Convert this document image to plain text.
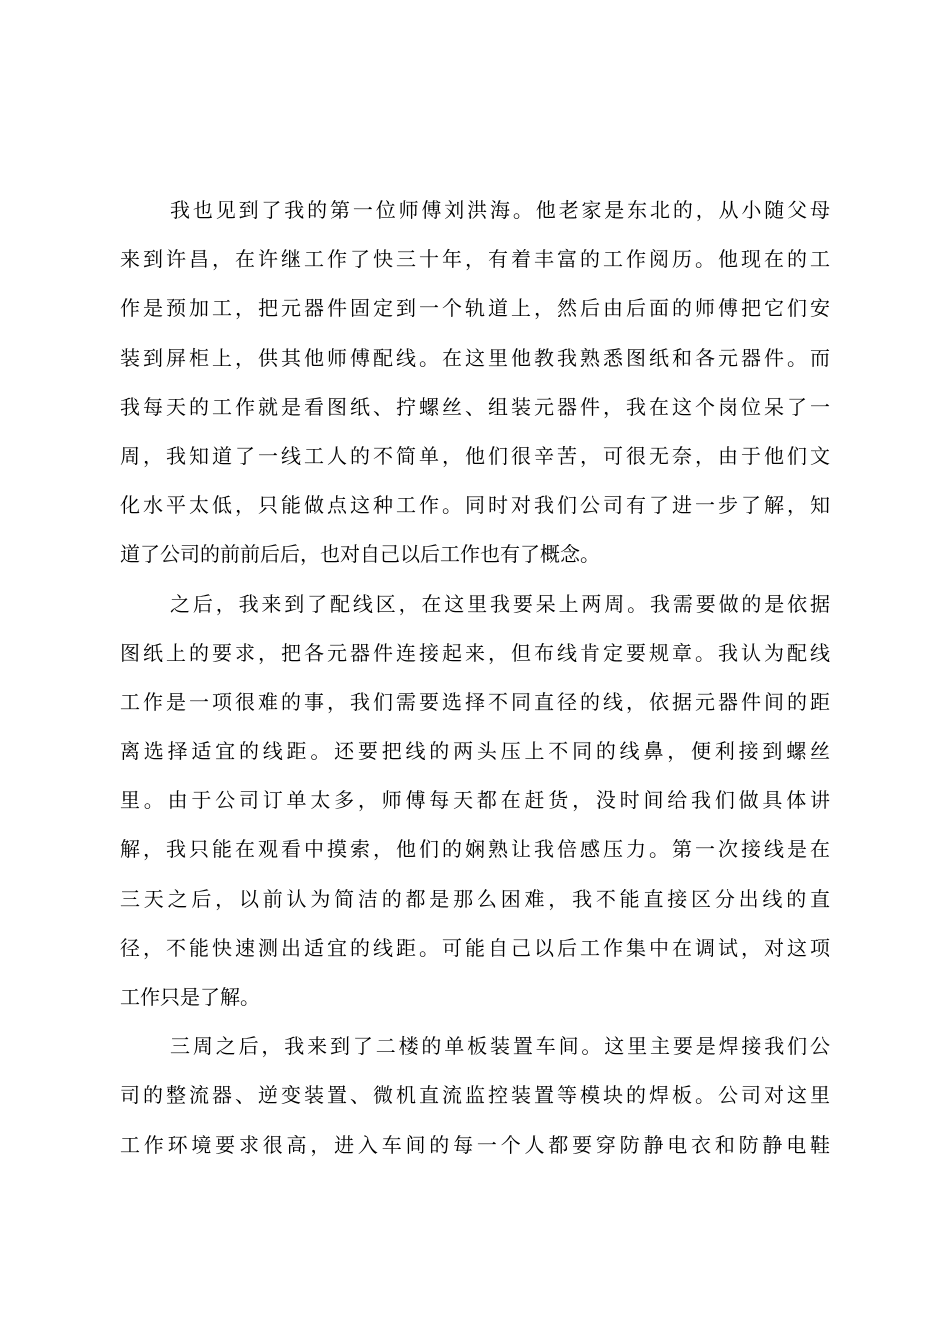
我也见到了我的第一位师傅刘洪海。他老家是东北的，从小随父母
来到许昌，在许继工作了快三十年，有着丰富的工作阅历。他现在的工
作是预加工，把元器件固定到一个轨道上，然后由后面的师傅把它们安
装到屏柜上，供其他师傅配线。在这里他教我熟悉图纸和各元器件。而
我每天的工作就是看图纸、拧螺丝、组装元器件，我在这个岗位呆了一
周，我知道了一线工人的不简单，他们很辛苦，可很无奈，由于他们文
化水平太低，只能做点这种工作。同时对我们公司有了进一步了解，知
道了公司的前前后后，也对自己以后工作也有了概念。
之后，我来到了配线区，在这里我要呆上两周。我需要做的是依据
图纸上的要求，把各元器件连接起来，但布线肯定要规章。我认为配线
工作是一项很难的事，我们需要选择不同直径的线，依据元器件间的距
离选择适宜的线距。还要把线的两头压上不同的线鼻，便利接到螺丝
里。由于公司订单太多，师傅每天都在赶货，没时间给我们做具体讲
解，我只能在观看中摸索，他们的娴熟让我倍感压力。第一次接线是在
三天之后，以前认为简洁的都是那么困难，我不能直接区分出线的直
径，不能快速测出适宜的线距。可能自己以后工作集中在调试，对这项
工作只是了解。
三周之后，我来到了二楼的单板装置车间。这里主要是焊接我们公
司的整流器、逆变装置、微机直流监控装置等模块的焊板。公司对这里
工作环境要求很高，进入车间的每一个人都要穿防静电衣和防静电鞋
